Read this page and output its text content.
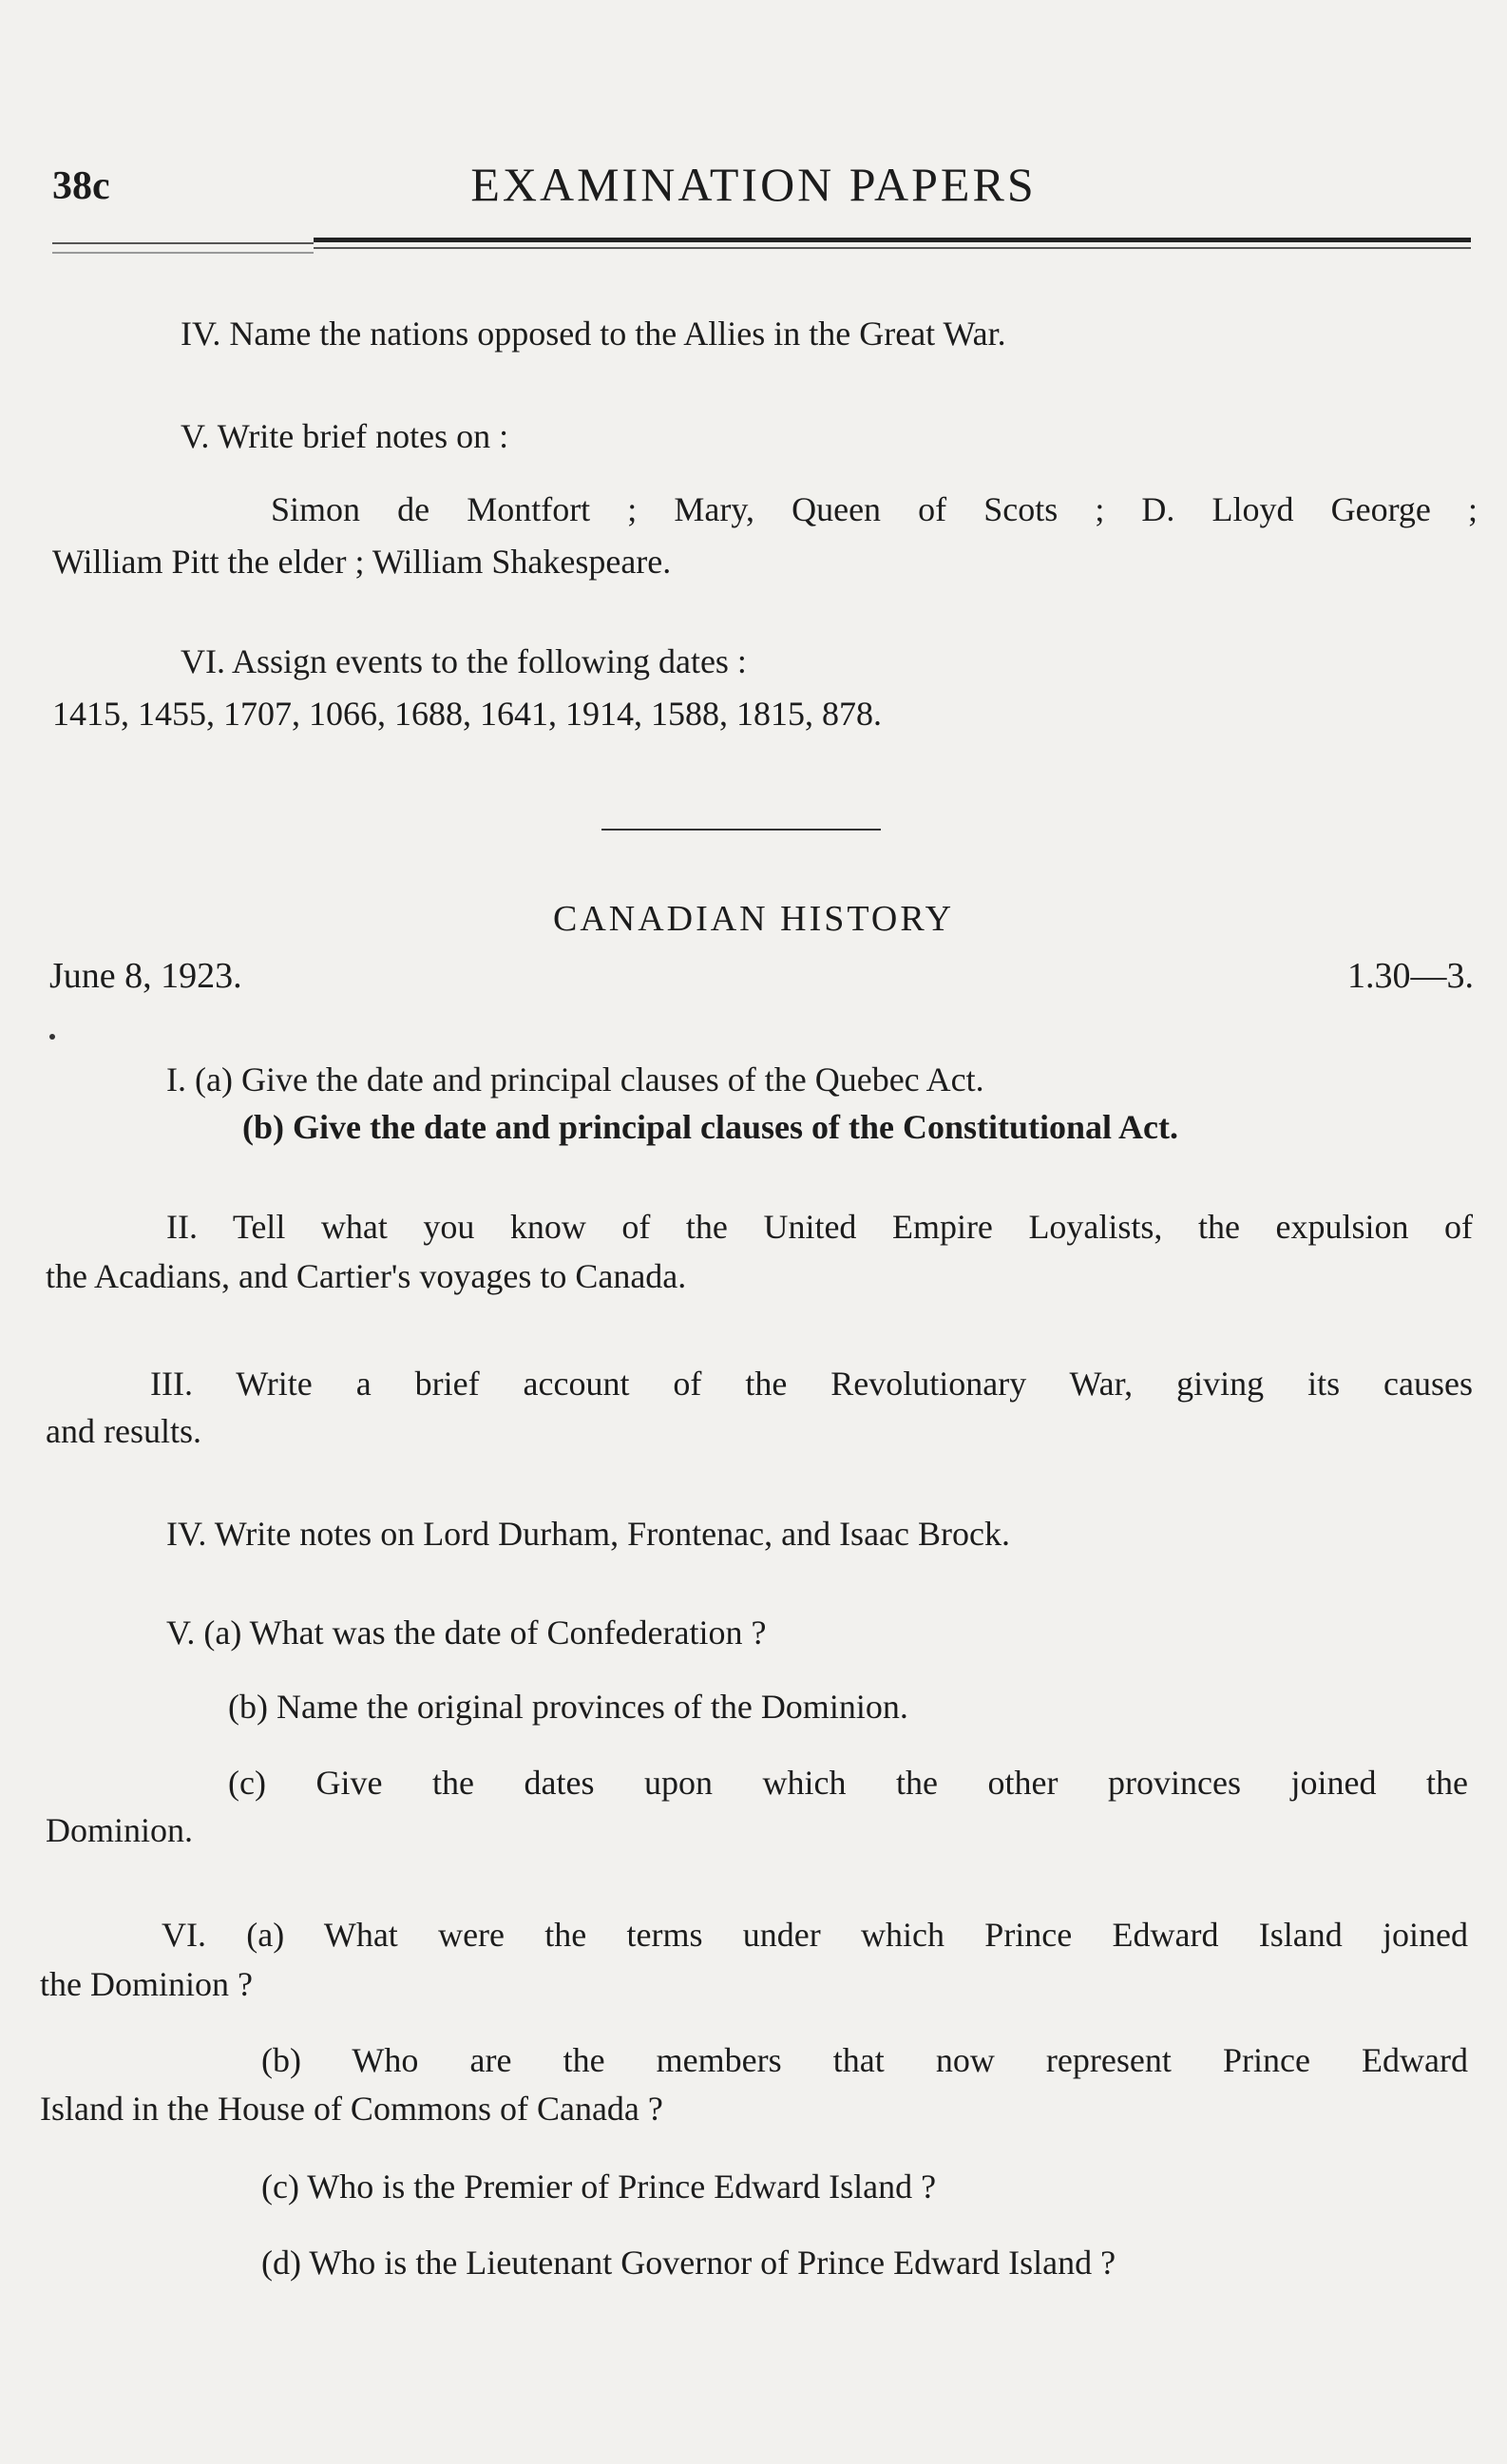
38c	EXAMINATION PAPERS
IV. Name the nations opposed to the Allies in the Great War.
V. Write brief notes on :
Simon de Montfort ; Mary, Queen of Scots ; D. Lloyd George ;
William Pitt the elder ; William Shakespeare.
VI. Assign events to the following dates :
1415, 1455, 1707, 1066, 1688, 1641, 1914, 1588, 1815, 878.
CANADIAN HISTORY
June 8, 1923.	1.30—3.
I. (a) Give the date and principal clauses of the Quebec Act.
(b) Give the date and principal clauses of the Constitutional Act.
II. Tell what you know of the United Empire Loyalists, the expulsion of
the Acadians, and Cartier's voyages to Canada.
III. Write a brief account of the Revolutionary War, giving its causes
and results.
IV. Write notes on Lord Durham, Frontenac, and Isaac Brock.
V. (a) What was the date of Confederation ?
(b) Name the original provinces of the Dominion.
(c) Give the dates upon which the other provinces joined the
Dominion.
VI. (a) What were the terms under which Prince Edward Island joined
the Dominion ?
(b) Who are the members that now represent Prince Edward
Island in the House of Commons of Canada ?
(c) Who is the Premier of Prince Edward Island ?
(d) Who is the Lieutenant Governor of Prince Edward Island ?
